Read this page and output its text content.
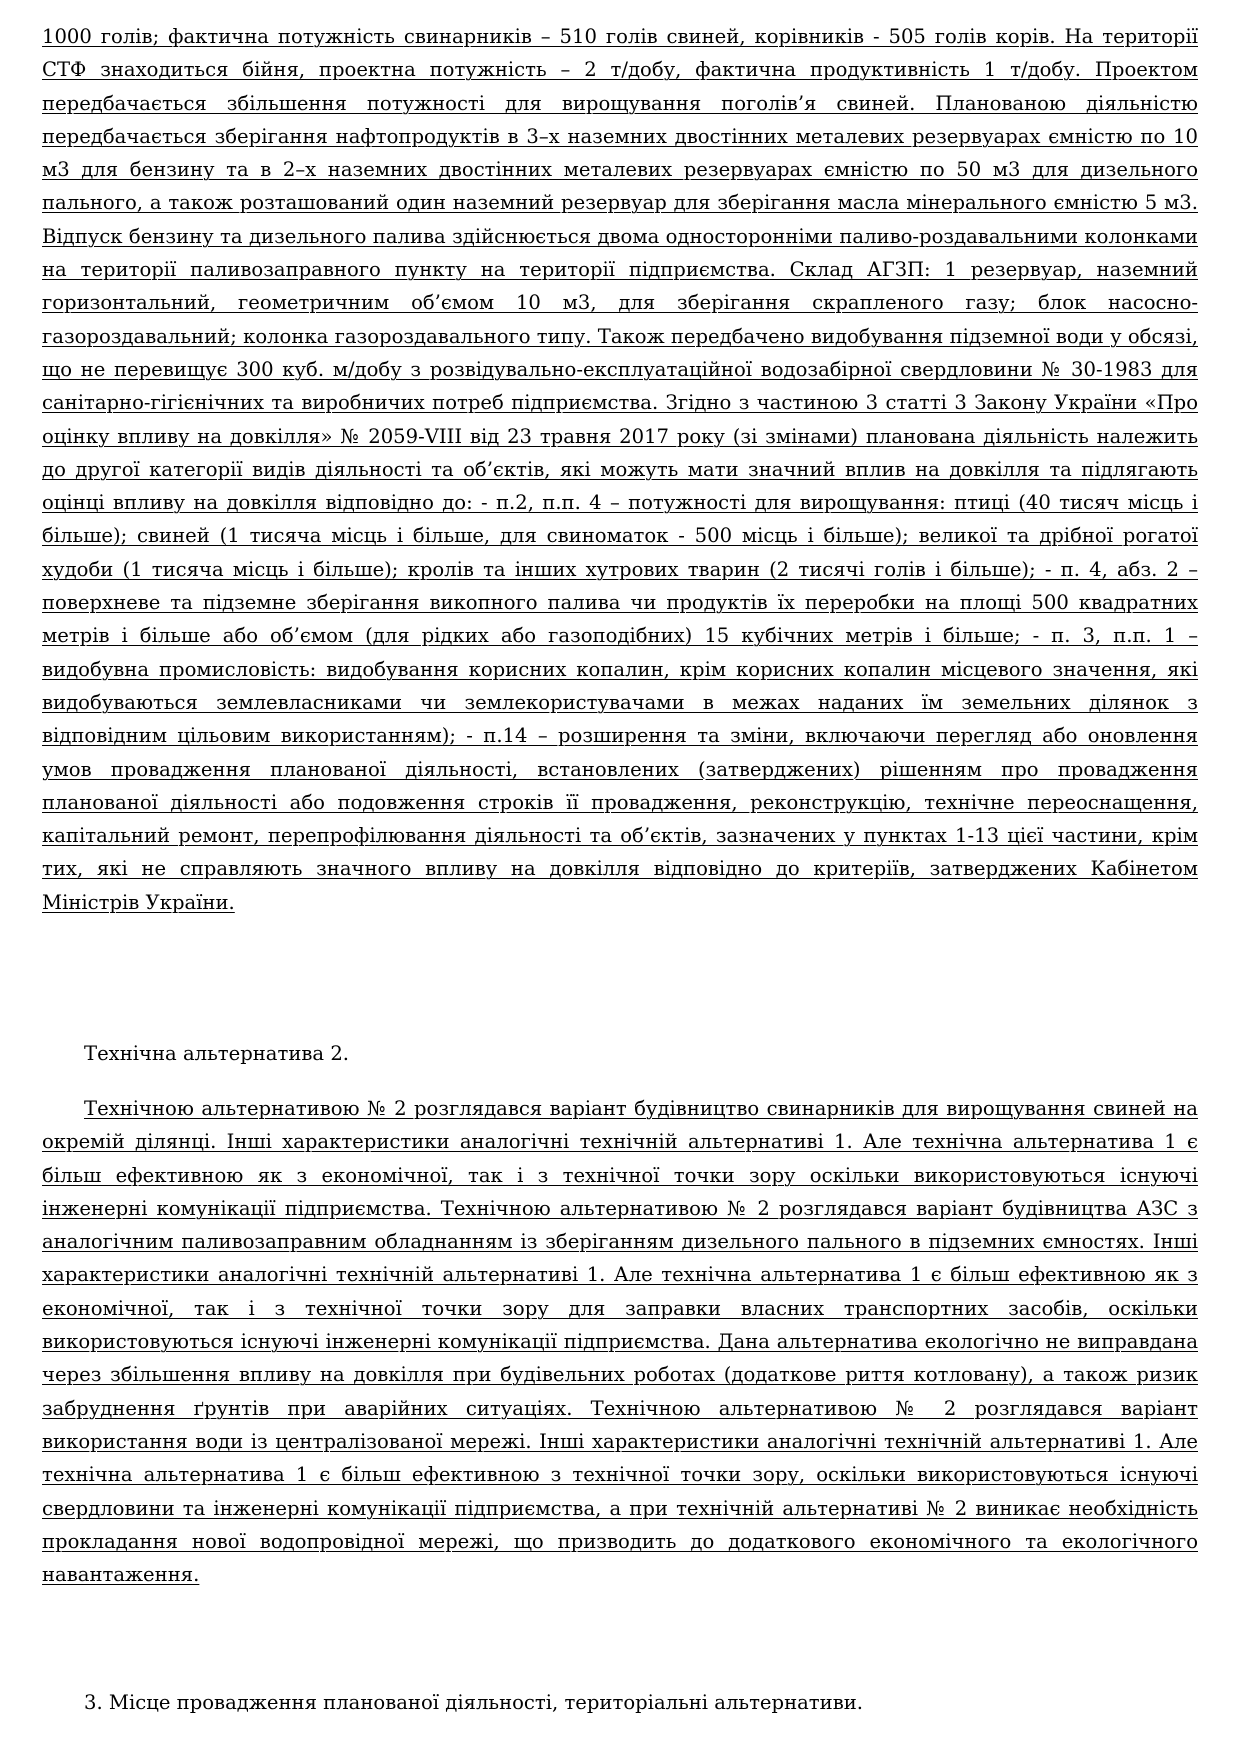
1000 голів; фактична потужність свинарників – 510 голів свиней, корівників - 505 голів корів. На території СТФ знаходиться бійня, проектна потужність – 2 т/добу, фактична продуктивність 1 т/добу. Проектом передбачається збільшення потужності для вирощування поголів’я свиней. Планованою діяльністю передбачається зберігання нафтопродуктів в 3–х наземних двостінних металевих резервуарах ємністю по 10 м3 для бензину та в 2–х наземних двостінних металевих резервуарах ємністю по 50 м3 для дизельного пального, а також розташований один наземний резервуар для зберігання масла мінерального ємністю 5 м3. Відпуск бензину та дизельного палива здійснюється двома односторонніми паливо-роздавальними колонками на території паливозаправного пункту на території підприємства. Склад АГЗП: 1 резервуар, наземний горизонтальний, геометричним об’ємом 10 м3, для зберігання скрапленого газу; блок насосно-газороздавальний; колонка газороздавального типу. Також передбачено видобування підземної води у обсязі, що не перевищує 300 куб. м/добу з розвідувально-експлуатаційної водозабірної свердловини № 30-1983 для санітарно-гігієнічних та виробничих потреб підприємства. Згідно з частиною 3 статті 3 Закону України «Про оцінку впливу на довкілля» № 2059-VIII від 23 травня 2017 року (зі змінами) планована діяльність належить до другої категорії видів діяльності та об’єктів, які можуть мати значний вплив на довкілля та підлягають оцінці впливу на довкілля відповідно до: - п.2, п.п. 4 – потужності для вирощування: птиці (40 тисяч місць і більше); свиней (1 тисяча місць і більше, для свиноматок - 500 місць і більше); великої та дрібної рогатої худоби (1 тисяча місць і більше); кролів та інших хутрових тварин (2 тисячі голів і більше); - п. 4, абз. 2 – поверхневе та підземне зберігання викопного палива чи продуктів їх переробки на площі 500 квадратних метрів і більше або об’ємом (для рідких або газоподібних) 15 кубічних метрів і більше; - п. 3, п.п. 1 – видобувна промисловість: видобування корисних копалин, крім корисних копалин місцевого значення, які видобуваються землевласниками чи землекористувачами в межах наданих їм земельних ділянок з відповідним цільовим використанням); - п.14 – розширення та зміни, включаючи перегляд або оновлення умов провадження планованої діяльності, встановлених (затверджених) рішенням про провадження планованої діяльності або подовження строків її провадження, реконструкцію, технічне переоснащення, капітальний ремонт, перепрофілювання діяльності та об’єктів, зазначених у пунктах 1-13 цієї частини, крім тих, які не справляють значного впливу на довкілля відповідно до критеріїв, затверджених Кабінетом Міністрів України.

Технічна альтернатива 2.

Технічною альтернативою № 2 розглядався варіант будівництво свинарників для вирощування свиней на окремій ділянці. Інші характеристики аналогічні технічній альтернативі 1. Але технічна альтернатива 1 є більш ефективною як з економічної, так і з технічної точки зору оскільки використовуються існуючі інженерні комунікації підприємства. Технічною альтернативою № 2 розглядався варіант будівництва АЗС з аналогічним паливозаправним обладнанням із зберіганням дизельного пального в підземних ємностях. Інші характеристики аналогічні технічній альтернативі 1. Але технічна альтернатива 1 є більш ефективною як з економічної, так і з технічної точки зору для заправки власних транспортних засобів, оскільки використовуються існуючі інженерні комунікації підприємства. Дана альтернатива екологічно не виправдана через збільшення впливу на довкілля при будівельних роботах (додаткове риття котловану), а також ризик забруднення ґрунтів при аварійних ситуаціях. Технічною альтернативою № 2 розглядався варіант використання води із централізованої мережі. Інші характеристики аналогічні технічній альтернативі 1. Але технічна альтернатива 1 є більш ефективною з технічної точки зору, оскільки використовуються існуючі свердловини та інженерні комунікації підприємства, а при технічній альтернативі № 2 виникає необхідність прокладання нової водопровідної мережі, що призводить до додаткового економічного та екологічного навантаження.

3. Місце провадження планованої діяльності, територіальні альтернативи.
